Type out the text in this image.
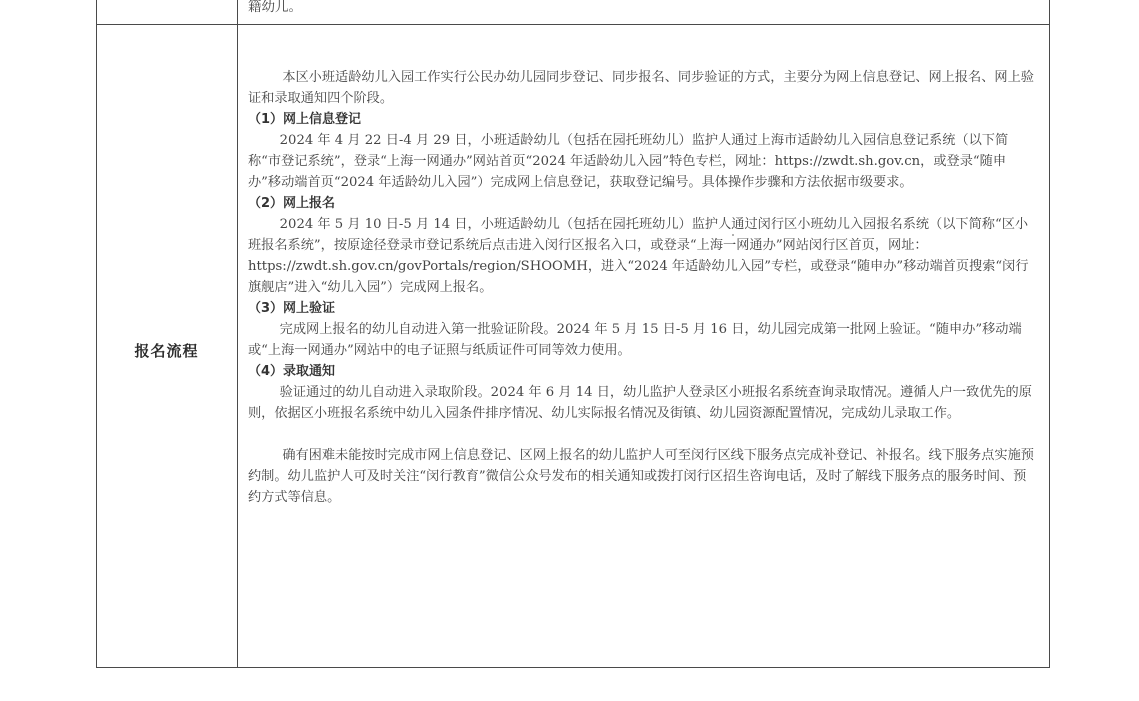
籍幼儿。
报名流程

本区小班适龄幼儿入园工作实行公民办幼儿园同步登记、同步报名、同步验证的方式，主要分为网上信息登记、网上报名、网上验证和录取通知四个阶段。

（1）网上信息登记

2024 年 4 月 22 日-4 月 29 日，小班适龄幼儿（包括在园托班幼儿）监护人通过上海市适龄幼儿入园信息登记系统（以下简称“市登记系统”，登录“上海一网通办”网站首页“2024 年适龄幼儿入园”特色专栏，网址：https://zwdt.sh.gov.cn，或登录“随申办”移动端首页“2024 年适龄幼儿入园”）完成网上信息登记，获取登记编号。具体操作步骤和方法依据市级要求。

（2）网上报名

2024 年 5 月 10 日-5 月 14 日，小班适龄幼儿（包括在园托班幼儿）监护人通过闵行区小班幼儿入园报名系统（以下简称“区小班报名系统”，按原途径登录市登记系统后点击进入闵行区报名入口，或登录“上海一网通办”网站闵行区首页，网址：https://zwdt.sh.gov.cn/govPortals/region/SHOOMH，进入“2024 年适龄幼儿入园”专栏，或登录“随申办”移动端首页搜索“闵行旗舰店”进入“幼儿入园”）完成网上报名。

（3）网上验证

完成网上报名的幼儿自动进入第一批验证阶段。2024 年 5 月 15 日-5 月 16 日，幼儿园完成第一批网上验证。“随申办”移动端或“上海一网通办”网站中的电子证照与纸质证件可同等效力使用。

（4）录取通知

验证通过的幼儿自动进入录取阶段。2024 年 6 月 14 日，幼儿监护人登录区小班报名系统查询录取情况。遵循人户一致优先的原则，依据区小班报名系统中幼儿入园条件排序情况、幼儿实际报名情况及街镇、幼儿园资源配置情况，完成幼儿录取工作。

确有困难未能按时完成市网上信息登记、区网上报名的幼儿监护人可至闵行区线下服务点完成补登记、补报名。线下服务点实施预约制。幼儿监护人可及时关注“闵行教育”微信公众号发布的相关通知或拨打闵行区招生咨询电话，及时了解线下服务点的服务时间、预约方式等信息。
